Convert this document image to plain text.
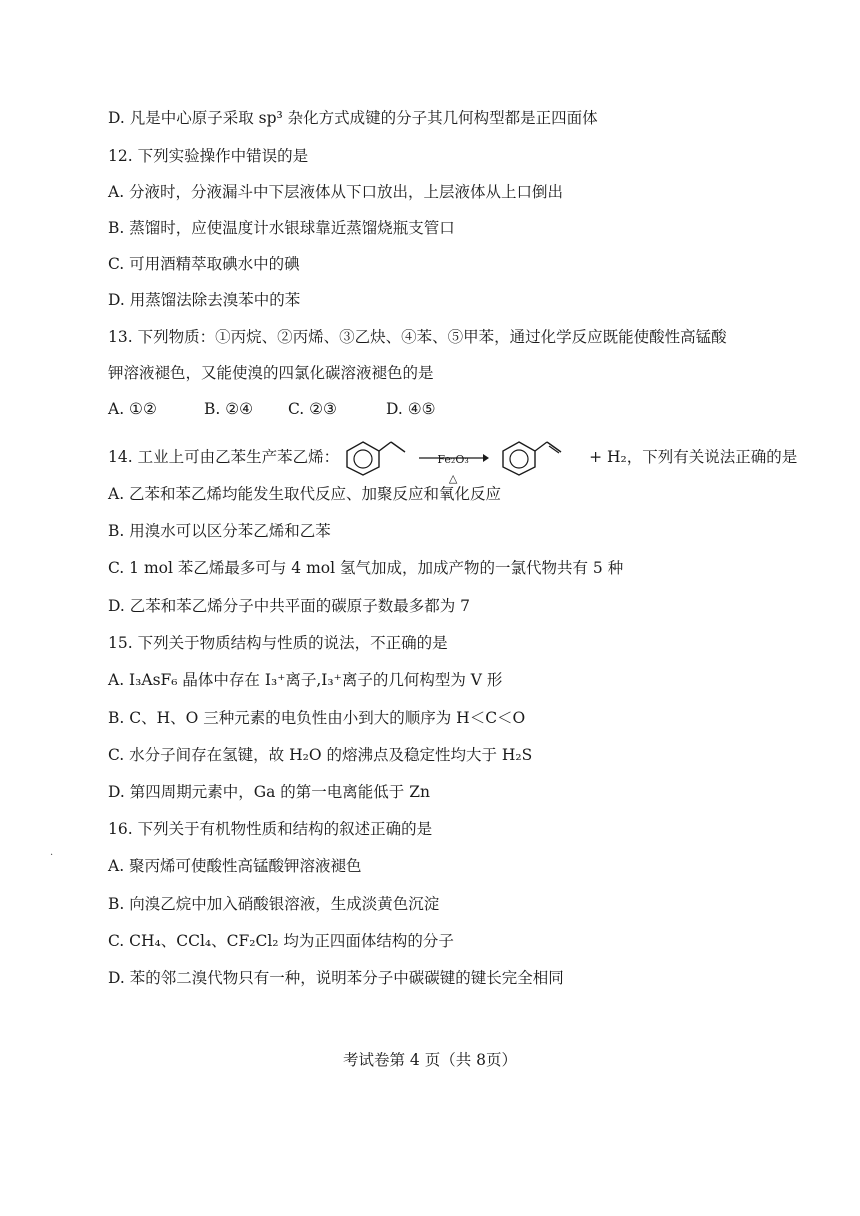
D. 凡是中心原子采取 sp³ 杂化方式成键的分子其几何构型都是正四面体
12. 下列实验操作中错误的是
A. 分液时，分液漏斗中下层液体从下口放出，上层液体从上口倒出
B. 蒸馏时，应使温度计水银球靠近蒸馏烧瓶支管口
C. 可用酒精萃取碘水中的碘
D. 用蒸馏法除去溴苯中的苯
13. 下列物质：①丙烷、②丙烯、③乙炔、④苯、⑤甲苯，通过化学反应既能使酸性高锰酸
钾溶液褪色，又能使溴的四氯化碳溶液褪色的是
A. ①②	B. ②④ C. ②③	D. ④⑤
14. 工业上可由乙苯生产苯乙烯：	Fe₂O₃
△
+ H₂，下列有关说法正确的是
A. 乙苯和苯乙烯均能发生取代反应、加聚反应和氧化反应
B. 用溴水可以区分苯乙烯和乙苯
C. 1 mol 苯乙烯最多可与 4 mol 氢气加成，加成产物的一氯代物共有 5 种
D. 乙苯和苯乙烯分子中共平面的碳原子数最多都为 7
15. 下列关于物质结构与性质的说法，不正确的是
A. I₃AsF₆ 晶体中存在 I₃⁺离子,I₃⁺离子的几何构型为 V 形
B. C、H、O 三种元素的电负性由小到大的顺序为 H＜C＜O
C. 水分子间存在氢键，故 H₂O 的熔沸点及稳定性均大于 H₂S
D. 第四周期元素中，Ga 的第一电离能低于 Zn
16. 下列关于有机物性质和结构的叙述正确的是
·
A. 聚丙烯可使酸性高锰酸钾溶液褪色
B. 向溴乙烷中加入硝酸银溶液，生成淡黄色沉淀
C. CH₄、CCl₄、CF₂Cl₂ 均为正四面体结构的分子
D. 苯的邻二溴代物只有一种，说明苯分子中碳碳键的键长完全相同
考试卷第 4 页（共 8页）
